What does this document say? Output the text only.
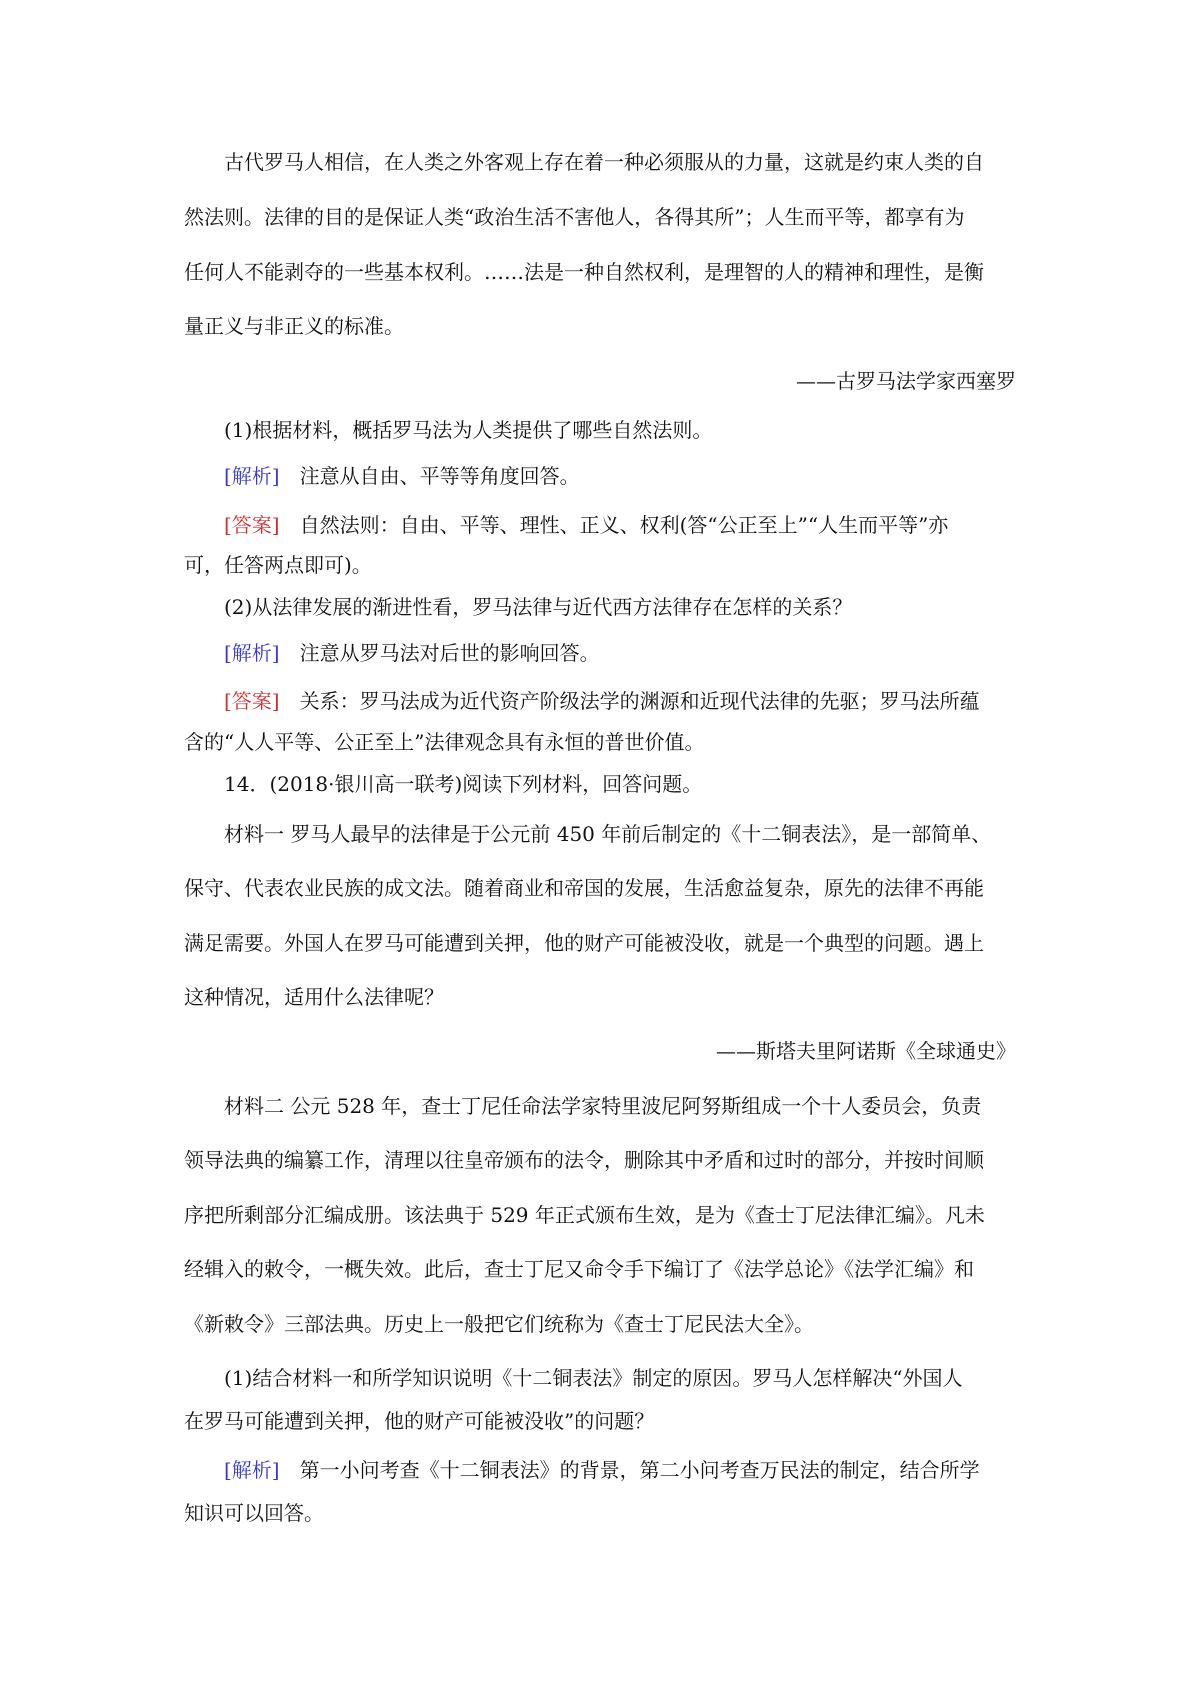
古代罗马人相信，在人类之外客观上存在着一种必须服从的力量，这就是约束人类的自
然法则。法律的目的是保证人类“政治生活不害他人，各得其所”；人生而平等，都享有为
任何人不能剥夺的一些基本权利。……法是一种自然权利，是理智的人的精神和理性，是衡
量正义与非正义的标准。
——古罗马法学家西塞罗
(1)根据材料，概括罗马法为人类提供了哪些自然法则。
[解析] 注意从自由、平等等角度回答。
[答案] 自然法则：自由、平等、理性、正义、权利(答“公正至上”“人生而平等”亦
可，任答两点即可)。
(2)从法律发展的渐进性看，罗马法律与近代西方法律存在怎样的关系？
[解析] 注意从罗马法对后世的影响回答。
[答案] 关系：罗马法成为近代资产阶级法学的渊源和近现代法律的先驱；罗马法所蕴
含的“人人平等、公正至上”法律观念具有永恒的普世价值。
14．(2018·银川高一联考)阅读下列材料，回答问题。
材料一 罗马人最早的法律是于公元前 450 年前后制定的《十二铜表法》，是一部简单、
保守、代表农业民族的成文法。随着商业和帝国的发展，生活愈益复杂，原先的法律不再能
满足需要。外国人在罗马可能遭到关押，他的财产可能被没收，就是一个典型的问题。遇上
这种情况，适用什么法律呢？
——斯塔夫里阿诺斯《全球通史》
材料二 公元 528 年，查士丁尼任命法学家特里波尼阿努斯组成一个十人委员会，负责
领导法典的编纂工作，清理以往皇帝颁布的法令，删除其中矛盾和过时的部分，并按时间顺
序把所剩部分汇编成册。该法典于 529 年正式颁布生效，是为《查士丁尼法律汇编》。凡未
经辑入的敕令，一概失效。此后，查士丁尼又命令手下编订了《法学总论》《法学汇编》和
《新敕令》三部法典。历史上一般把它们统称为《查士丁尼民法大全》。
(1)结合材料一和所学知识说明《十二铜表法》制定的原因。罗马人怎样解决“外国人
在罗马可能遭到关押，他的财产可能被没收”的问题？
[解析] 第一小问考查《十二铜表法》的背景，第二小问考查万民法的制定，结合所学
知识可以回答。
